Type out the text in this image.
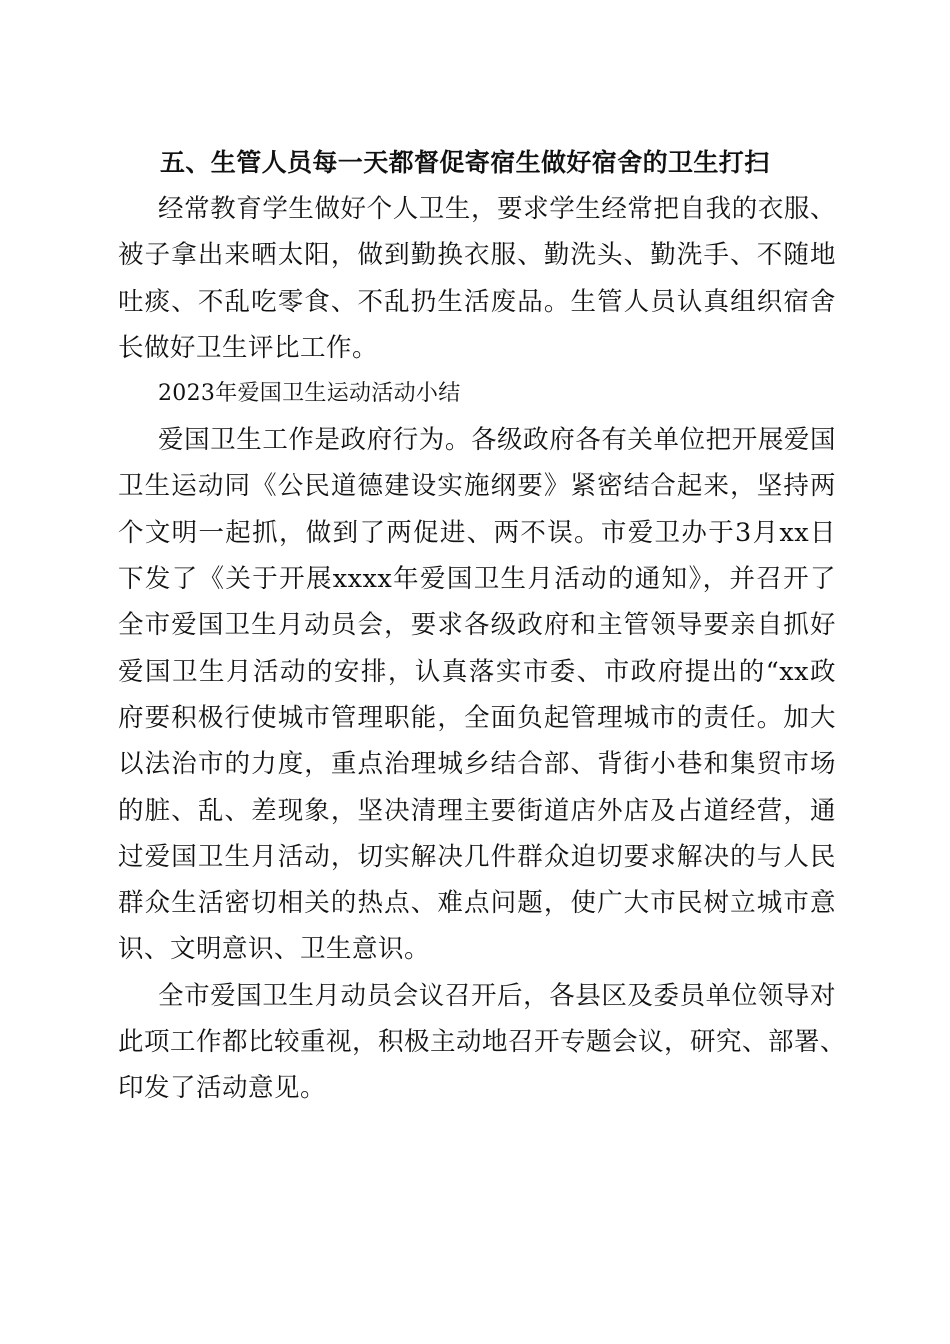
五、生管人员每一天都督促寄宿生做好宿舍的卫生打扫
经常教育学生做好个人卫生，要求学生经常把自我的衣服、
被子拿出来晒太阳，做到勤换衣服、勤洗头、勤洗手、不随地
吐痰、不乱吃零食、不乱扔生活废品。生管人员认真组织宿舍
长做好卫生评比工作。
2023年爱国卫生运动活动小结
爱国卫生工作是政府行为。各级政府各有关单位把开展爱国
卫生运动同《公民道德建设实施纲要》紧密结合起来，坚持两
个文明一起抓，做到了两促进、两不误。市爱卫办于3月xx日
下发了《关于开展xxxx年爱国卫生月活动的通知》，并召开了
全市爱国卫生月动员会，要求各级政府和主管领导要亲自抓好
爱国卫生月活动的安排，认真落实市委、市政府提出的“xx政
府要积极行使城市管理职能，全面负起管理城市的责任。加大
以法治市的力度，重点治理城乡结合部、背街小巷和集贸市场
的脏、乱、差现象，坚决清理主要街道店外店及占道经营，通
过爱国卫生月活动，切实解决几件群众迫切要求解决的与人民
群众生活密切相关的热点、难点问题，使广大市民树立城市意
识、文明意识、卫生意识。
全市爱国卫生月动员会议召开后，各县区及委员单位领导对
此项工作都比较重视，积极主动地召开专题会议，研究、部署、
印发了活动意见。
